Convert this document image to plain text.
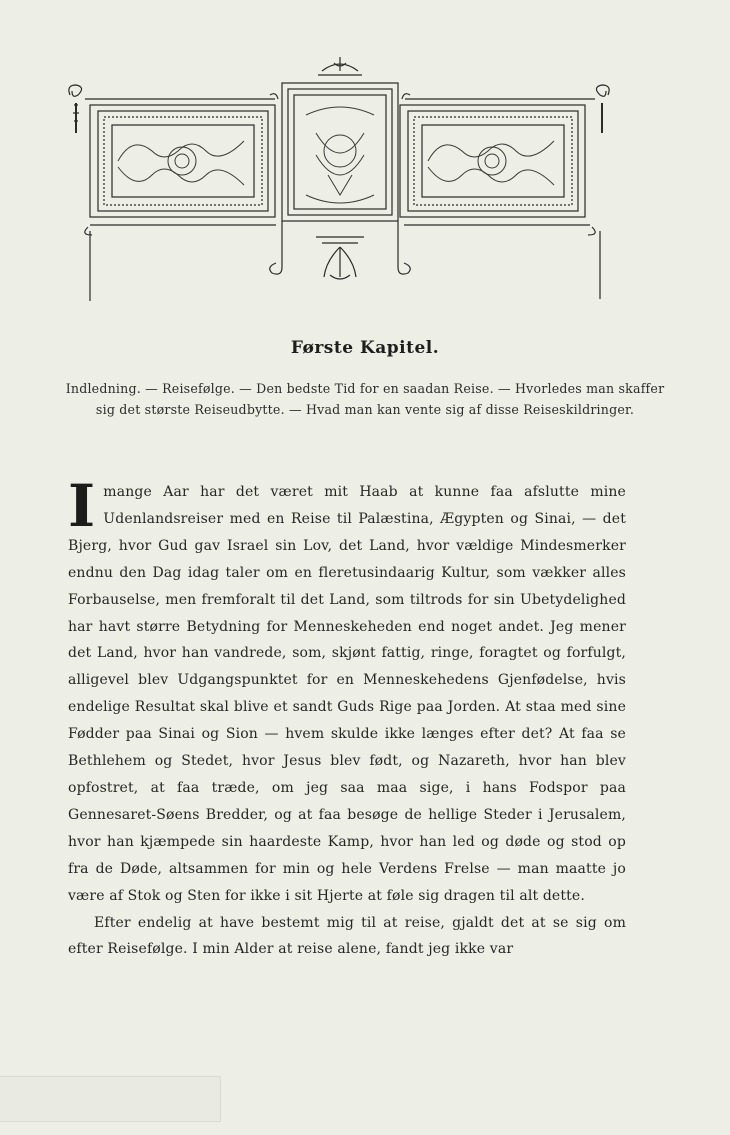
Første Kapitel.
Indledning. — Reisefølge. — Den bedste Tid for en saadan Reise. — Hvorledes man skaffer sig det største Reiseudbytte. — Hvad man kan vente sig af disse Reiseskildringer.

Imange Aar har det været mit Haab at kunne faa afslutte mine Udenlandsreiser med en Reise til Palæstina, Ægypten og Sinai, — det Bjerg, hvor Gud gav Israel sin Lov, det Land, hvor vældige Mindesmerker endnu den Dag idag taler om en fleretusindaarig Kultur, som vækker alles Forbauselse, men fremforalt til det Land, som tiltrods for sin Ubetydelighed har havt større Betydning for Menneskeheden end noget andet. Jeg mener det Land, hvor han vandrede, som, skjønt fattig, ringe, foragtet og forfulgt, alligevel blev Udgangspunktet for en Menneskehedens Gjenfødelse, hvis endelige Resultat skal blive et sandt Guds Rige paa Jorden. At staa med sine Fødder paa Sinai og Sion — hvem skulde ikke længes efter det? At faa se Bethlehem og Stedet, hvor Jesus blev født, og Nazareth, hvor han blev opfostret, at faa træde, om jeg saa maa sige, i hans Fodspor paa Gennesaret-Søens Bredder, og at faa besøge de hellige Steder i Jerusalem, hvor han kjæmpede sin haardeste Kamp, hvor han led og døde og stod op fra de Døde, altsammen for min og hele Verdens Frelse — man maatte jo være af Stok og Sten for ikke i sit Hjerte at føle sig dragen til alt dette.

Efter endelig at have bestemt mig til at reise, gjaldt det at se sig om efter Reisefølge. I min Alder at reise alene, fandt jeg ikke var
